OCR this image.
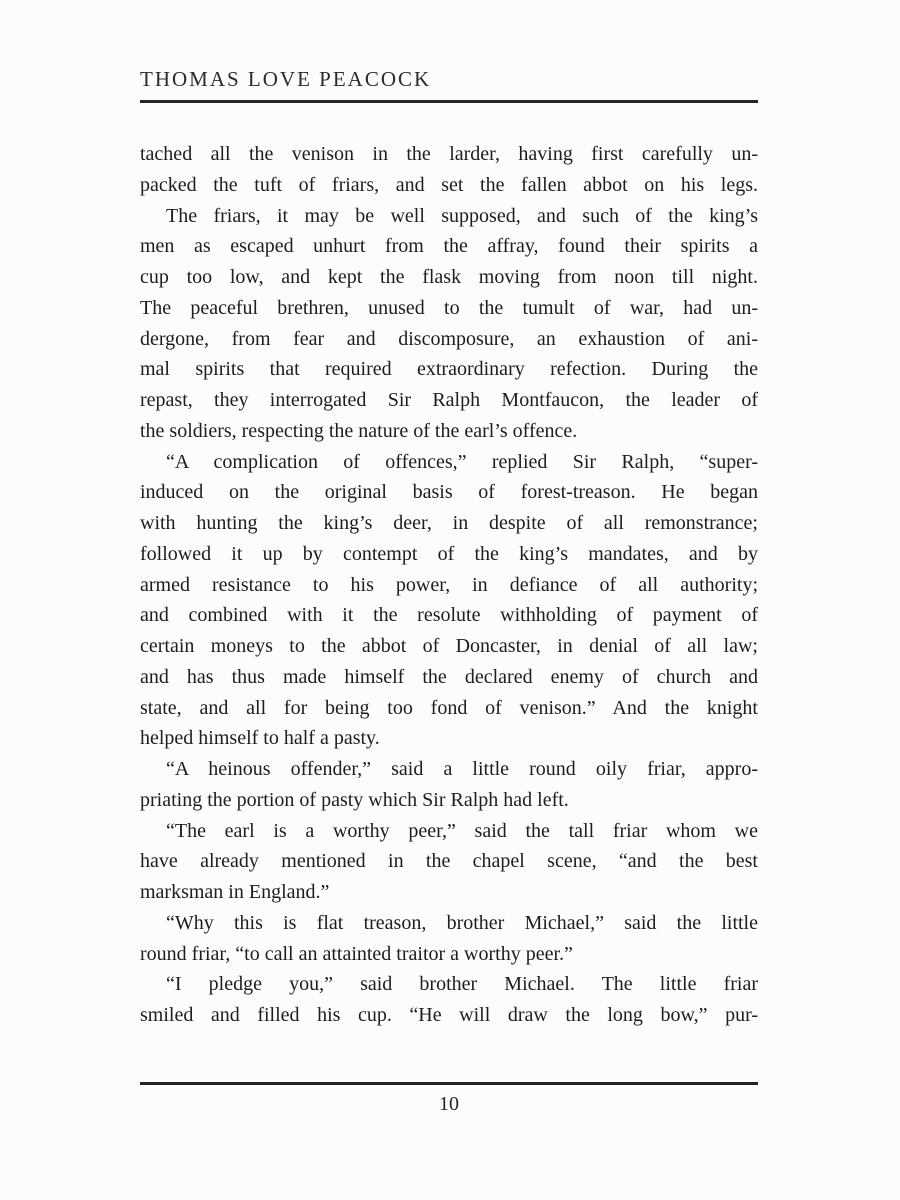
THOMAS LOVE PEACOCK
tached all the venison in the larder, having first carefully un-
packed the tuft of friars, and set the fallen abbot on his legs.
The friars, it may be well supposed, and such of the king’s
men as escaped unhurt from the affray, found their spirits a
cup too low, and kept the flask moving from noon till night.
The peaceful brethren, unused to the tumult of war, had un-
dergone, from fear and discomposure, an exhaustion of ani-
mal spirits that required extraordinary refection. During the
repast, they interrogated Sir Ralph Montfaucon, the leader of
the soldiers, respecting the nature of the earl’s offence.
“A complication of offences,” replied Sir Ralph, “super-
induced on the original basis of forest-treason. He began
with hunting the king’s deer, in despite of all remonstrance;
followed it up by contempt of the king’s mandates, and by
armed resistance to his power, in defiance of all authority;
and combined with it the resolute withholding of payment of
certain moneys to the abbot of Doncaster, in denial of all law;
and has thus made himself the declared enemy of church and
state, and all for being too fond of venison.” And the knight
helped himself to half a pasty.
“A heinous offender,” said a little round oily friar, appro-
priating the portion of pasty which Sir Ralph had left.
“The earl is a worthy peer,” said the tall friar whom we
have already mentioned in the chapel scene, “and the best
marksman in England.”
“Why this is flat treason, brother Michael,” said the little
round friar, “to call an attainted traitor a worthy peer.”
“I pledge you,” said brother Michael. The little friar
smiled and filled his cup. “He will draw the long bow,” pur-
10
